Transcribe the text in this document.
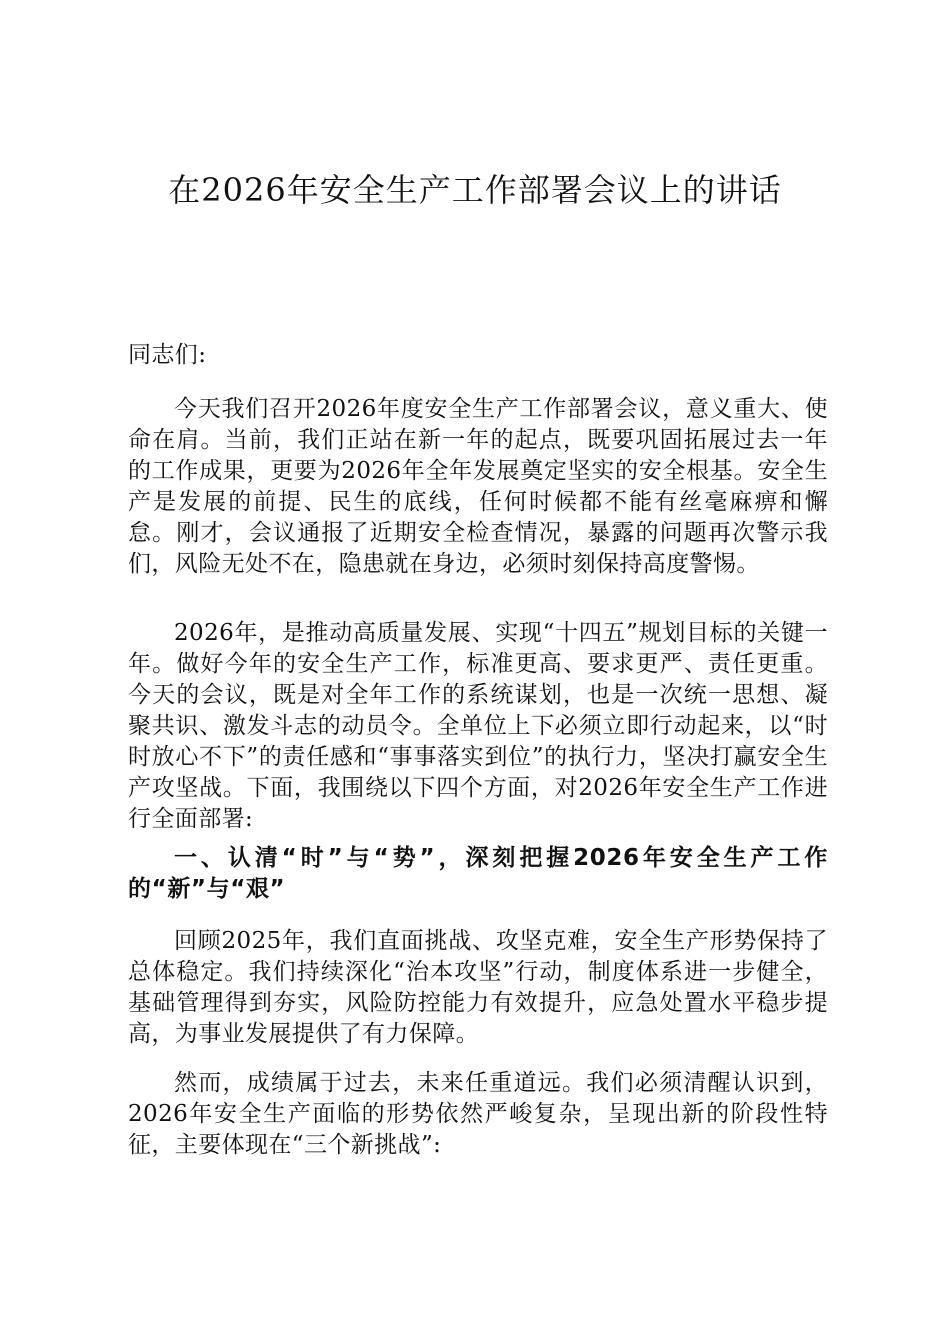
在2026年安全生产工作部署会议上的讲话

同志们:

今天我们召开2026年度安全生产工作部署会议，意义重大、使命在肩。当前，我们正站在新一年的起点，既要巩固拓展过去一年的工作成果，更要为2026年全年发展奠定坚实的安全根基。安全生产是发展的前提、民生的底线，任何时候都不能有丝毫麻痹和懈怠。刚才，会议通报了近期安全检查情况，暴露的问题再次警示我们，风险无处不在，隐患就在身边，必须时刻保持高度警惕。

2026年，是推动高质量发展、实现“十四五”规划目标的关键一年。做好今年的安全生产工作，标准更高、要求更严、责任更重。今天的会议，既是对全年工作的系统谋划，也是一次统一思想、凝聚共识、激发斗志的动员令。全单位上下必须立即行动起来，以“时时放心不下”的责任感和“事事落实到位”的执行力，坚决打赢安全生产攻坚战。下面，我围绕以下四个方面，对2026年安全生产工作进行全面部署:

一、认清“时”与“势”，深刻把握2026年安全生产工作的“新”与“艰”

回顾2025年，我们直面挑战、攻坚克难，安全生产形势保持了总体稳定。我们持续深化“治本攻坚”行动，制度体系进一步健全，基础管理得到夯实，风险防控能力有效提升，应急处置水平稳步提高，为事业发展提供了有力保障。

然而，成绩属于过去，未来任重道远。我们必须清醒认识到，2026年安全生产面临的形势依然严峻复杂，呈现出新的阶段性特征，主要体现在“三个新挑战”:
